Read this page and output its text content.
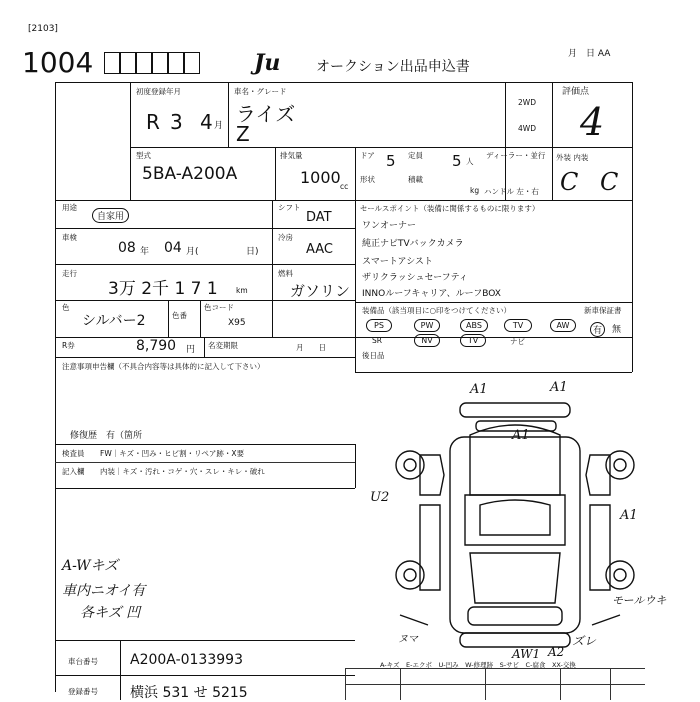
[2103]
1004	Ju	オークション出品申込書
月　日 AA
初度登録年月
R 3 4 月
車名・グレード
ライズ
Z
2WD
4WD
評価点
4
型式
5BA-A200A
排気量
1000 cc
ドア 5 定員 5 人
ディーラー・並行
形状	積載
kg ハンドル 左・右
外装 内装
C C
用途
自家用
シフト
DAT
車検
08 年 04 月(	日)
冷房
AAC
走行
3万 2千 1 7 1 km
燃料
ガソリン
色
シルバー2	色番
色コード
X95
R券	8,790 円 名変期限	月　　日
注意事項申告欄（不具合内容等は具体的に記入して下さい）
修復歴　有（箇所
検査員 FW｜キズ・凹み・ヒビ割・リペア跡・X要
記入欄 内装｜キズ・汚れ・コゲ・穴・スレ・キレ・破れ
A-Wキズ
車内ニオイ有
各キズ 凹
セールスポイント（装備に関係するものに限ります）
ワンオーナー
純正ナビTVバックカメラ
スマートアシスト
ザリクラッシュセーフティ
INNOルーフキャリア、ルーフBOX
装備品（該当項目に○印をつけてください）	新車保証書
PS	PW	ABS	TV	AW
SR	NV	TV	ナビ
有	無
後日品
A1	A1
A1
U2
A1
モールウキ
AW1 A2
ズレ
ヌマ
A-キズ　E-エクボ　U-凹み　W-修理跡　S-サビ　C-腐食　XX-交換
車台番号 A200A-0133993
登録番号 横浜 531 せ 5215
